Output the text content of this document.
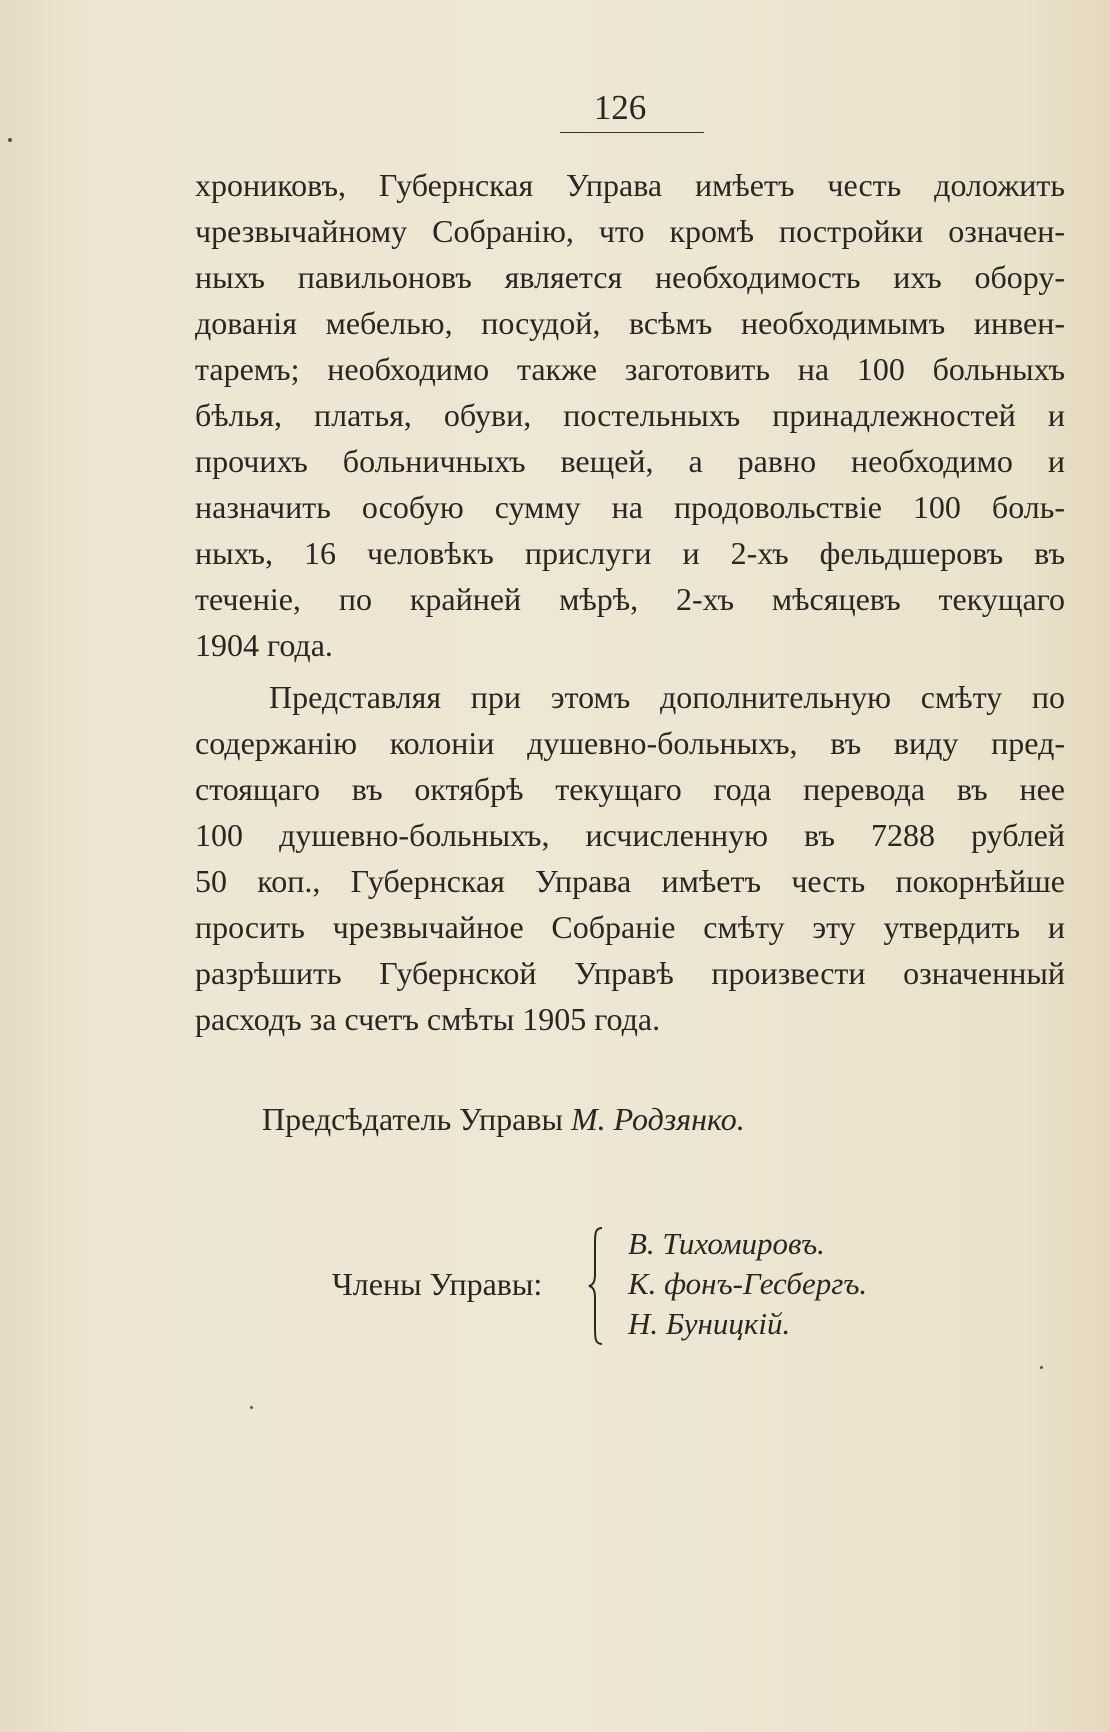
126
хрониковъ, Губернская Управа имѣетъ честь доложить
чрезвычайному Собранію, что кромѣ постройки означен-
ныхъ павильоновъ является необходимость ихъ обору-
дованія мебелью, посудой, всѣмъ необходимымъ инвен-
таремъ; необходимо также заготовить на 100 больныхъ
бѣлья, платья, обуви, постельныхъ принадлежностей и
прочихъ больничныхъ вещей, а равно необходимо и
назначить особую сумму на продовольствіе 100 боль-
ныхъ, 16 человѣкъ прислуги и 2-хъ фельдшеровъ въ
теченіе, по крайней мѣрѣ, 2-хъ мѣсяцевъ текущаго
1904 года.
Представляя при этомъ дополнительную смѣту по
содержанію колоніи душевно-больныхъ, въ виду пред-
стоящаго въ октябрѣ текущаго года перевода въ нее
100 душевно-больныхъ, исчисленную въ 7288 рублей
50 коп., Губернская Управа имѣетъ честь покорнѣйше
просить чрезвычайное Собраніе смѣту эту утвердить и
разрѣшить Губернской Управѣ произвести означенный
расходъ за счетъ смѣты 1905 года.
Предсѣдатель Управы М. Родзянко.
Члены Управы:
В. Тихомировъ.
К. фонъ-Гесбергъ.
Н. Буницкій.
